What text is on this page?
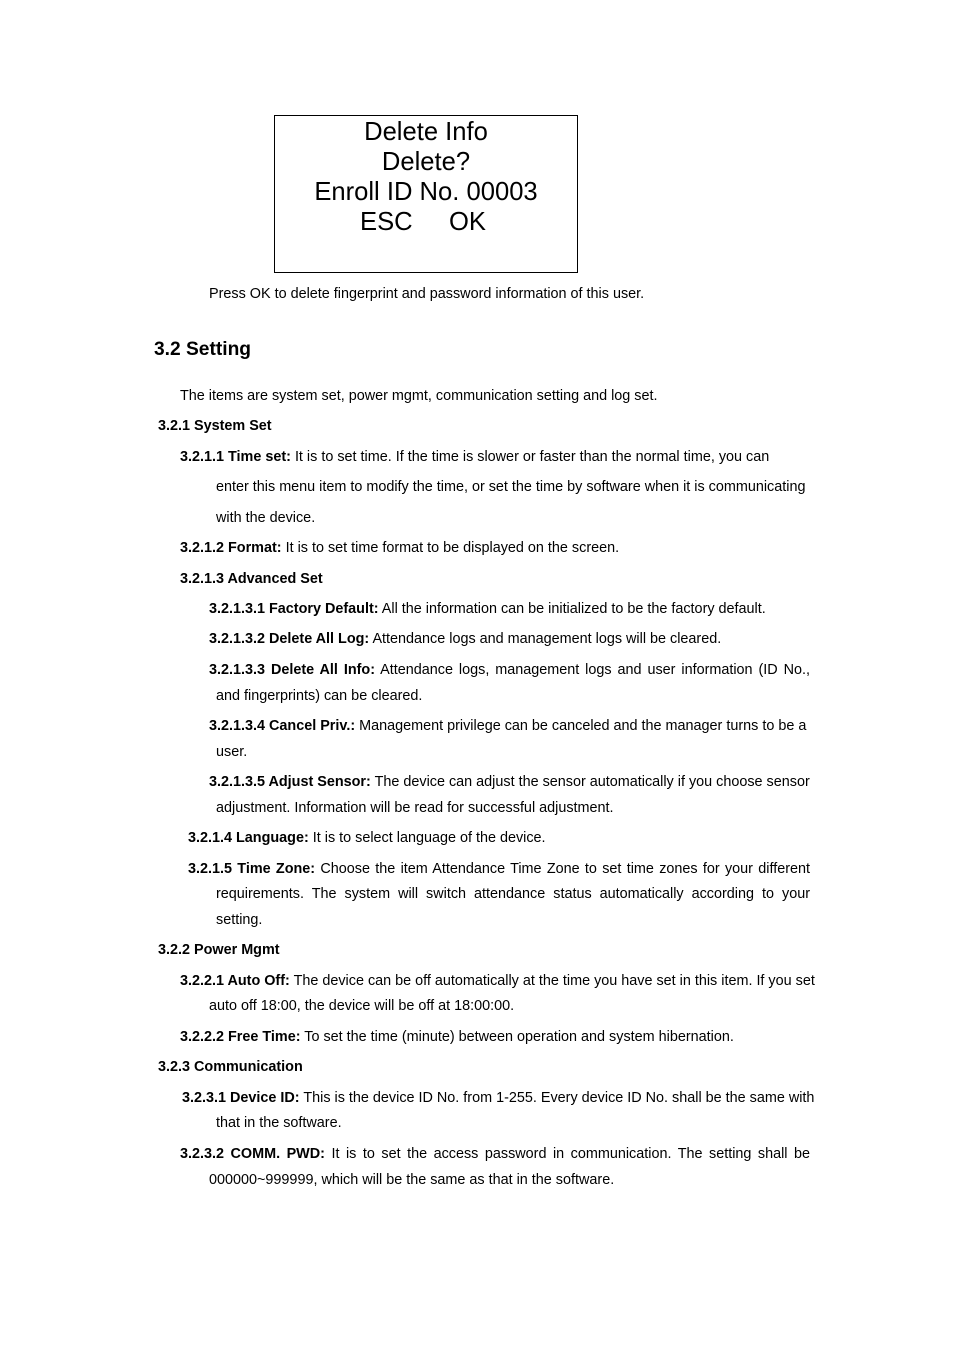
Delete Info
Delete?
Enroll ID No. 00003
ESC OK
Press OK to delete fingerprint and password information of this user.
3.2 Setting
The items are system set, power mgmt, communication setting and log set.
3.2.1 System Set
3.2.1.1 Time set: It is to set time. If the time is slower or faster than the normal time, you can
enter this menu item to modify the time, or set the time by software when it is communicating
with the device.
3.2.1.2 Format: It is to set time format to be displayed on the screen.
3.2.1.3 Advanced Set
3.2.1.3.1 Factory Default: All the information can be initialized to be the factory default.
3.2.1.3.2 Delete All Log: Attendance logs and management logs will be cleared.
3.2.1.3.3 Delete All Info: Attendance logs, management logs and user information (ID No.,
and fingerprints) can be cleared.
3.2.1.3.4 Cancel Priv.: Management privilege can be canceled and the manager turns to be a
user.
3.2.1.3.5 Adjust Sensor: The device can adjust the sensor automatically if you choose sensor
adjustment. Information will be read for successful adjustment.
3.2.1.4 Language: It is to select language of the device.
3.2.1.5 Time Zone: Choose the item Attendance Time Zone to set time zones for your different
requirements. The system will switch attendance status automatically according to your
setting.
3.2.2 Power Mgmt
3.2.2.1 Auto Off: The device can be off automatically at the time you have set in this item. If you set
auto off 18:00, the device will be off at 18:00:00.
3.2.2.2 Free Time: To set the time (minute) between operation and system hibernation.
3.2.3 Communication
3.2.3.1 Device ID: This is the device ID No. from 1-255. Every device ID No. shall be the same with
that in the software.
3.2.3.2 COMM. PWD: It is to set the access password in communication. The setting shall be
000000~999999, which will be the same as that in the software.
